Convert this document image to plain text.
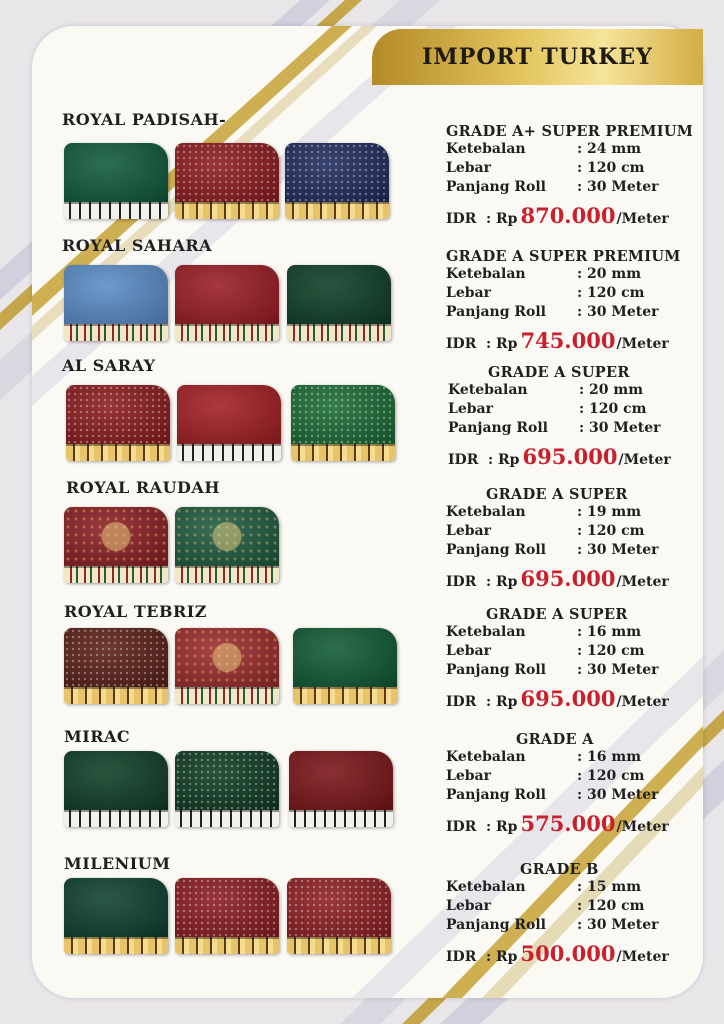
IMPORT TURKEY
ROYAL PADISAH-
ROYAL SAHARA
AL SARAY
ROYAL RAUDAH
ROYAL TEBRIZ
MIRAC
MILENIUM
GRADE A+ SUPER PREMIUM
Ketebalan	: 24 mm
Lebar	: 120 cm
Panjang Roll	: 30 Meter
IDR : Rp 870.000 /Meter
GRADE A SUPER PREMIUM
Ketebalan	: 20 mm
Lebar	: 120 cm
Panjang Roll	: 30 Meter
IDR : Rp 745.000 /Meter
GRADE A SUPER
Ketebalan	: 20 mm
Lebar	: 120 cm
Panjang Roll	: 30 Meter
IDR : Rp 695.000 /Meter
GRADE A SUPER
Ketebalan	: 19 mm
Lebar	: 120 cm
Panjang Roll	: 30 Meter
IDR : Rp 695.000 /Meter
GRADE A SUPER
Ketebalan	: 16 mm
Lebar	: 120 cm
Panjang Roll	: 30 Meter
IDR : Rp 695.000 /Meter
GRADE A
Ketebalan	: 16 mm
Lebar	: 120 cm
Panjang Roll	: 30 Meter
IDR : Rp 575.000 /Meter
GRADE B
Ketebalan	: 15 mm
Lebar	: 120 cm
Panjang Roll	: 30 Meter
IDR : Rp 500.000 /Meter
